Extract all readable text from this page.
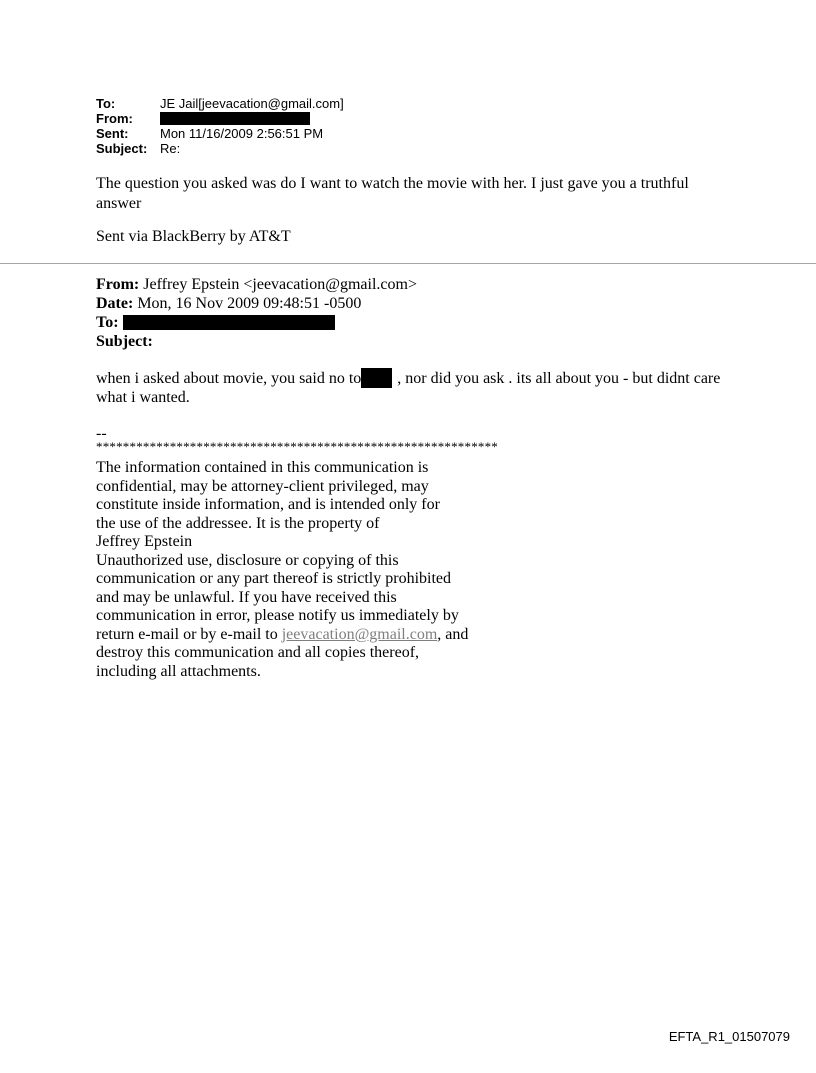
To:	JE Jail[jeevacation@gmail.com]
From:
Sent:	Mon 11/16/2009 2:56:51 PM
Subject: Re:

The question you asked was do I want to watch the movie with her. I just gave you a truthful answer

Sent via BlackBerry by AT&T
From: Jeffrey Epstein <jeevacation@gmail.com>
Date: Mon, 16 Nov 2009 09:48:51 -0500
To:
Subject:

when i asked about movie, you said no to , nor did you ask . its all about you - but didnt care what i wanted.

--
************************************************************
The information contained in this communication is
confidential, may be attorney-client privileged, may
constitute inside information, and is intended only for
the use of the addressee. It is the property of
Jeffrey Epstein
Unauthorized use, disclosure or copying of this
communication or any part thereof is strictly prohibited
and may be unlawful. If you have received this
communication in error, please notify us immediately by
return e-mail or by e-mail to jeevacation@gmail.com, and
destroy this communication and all copies thereof,
including all attachments.
EFTA_R1_01507079
